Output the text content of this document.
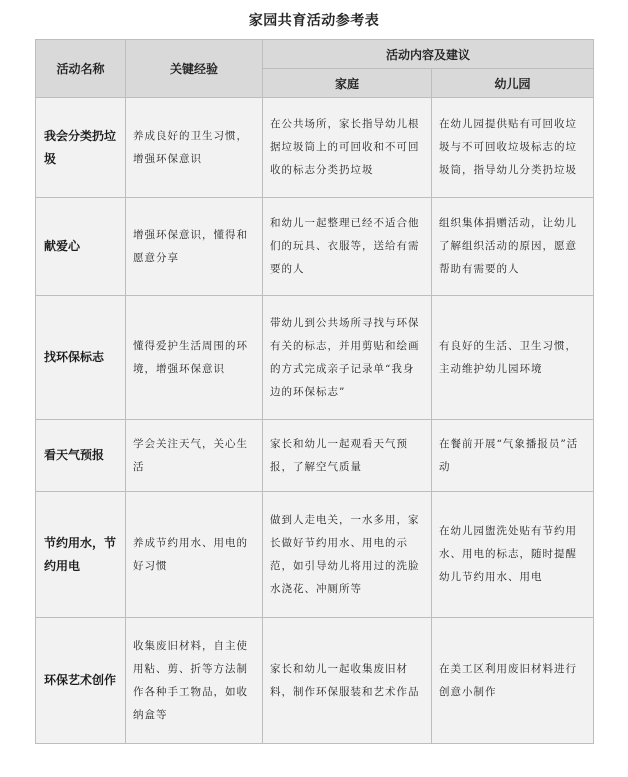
家园共育活动参考表
活动名称	关键经验	活动内容及建议	
		家庭	幼儿园
我会分类扔垃圾	养成良好的卫生习惯，增强环保意识	在公共场所，家长指导幼儿根据垃圾筒上的可回收和不可回收的标志分类扔垃圾	在幼儿园提供贴有可回收垃圾与不可回收垃圾标志的垃圾筒，指导幼儿分类扔垃圾
献爱心	增强环保意识，懂得和愿意分享	和幼儿一起整理已经不适合他们的玩具、衣服等，送给有需要的人	组织集体捐赠活动，让幼儿了解组织活动的原因，愿意帮助有需要的人
找环保标志	懂得爱护生活周围的环境，增强环保意识	带幼儿到公共场所寻找与环保有关的标志，并用剪贴和绘画的方式完成亲子记录单“我身边的环保标志”	有良好的生活、卫生习惯，主动维护幼儿园环境
看天气预报	学会关注天气，关心生活	家长和幼儿一起观看天气预报，了解空气质量	在餐前开展“气象播报员”活动
节约用水，节约用电	养成节约用水、用电的好习惯	做到人走电关，一水多用，家长做好节约用水、用电的示范，如引导幼儿将用过的洗脸水浇花、冲厕所等	在幼儿园盥洗处贴有节约用水、用电的标志，随时提醒幼儿节约用水、用电
环保艺术创作	收集废旧材料，自主使用粘、剪、折等方法制作各种手工物品，如收纳盒等	家长和幼儿一起收集废旧材料，制作环保服装和艺术作品	在美工区利用废旧材料进行创意小制作
